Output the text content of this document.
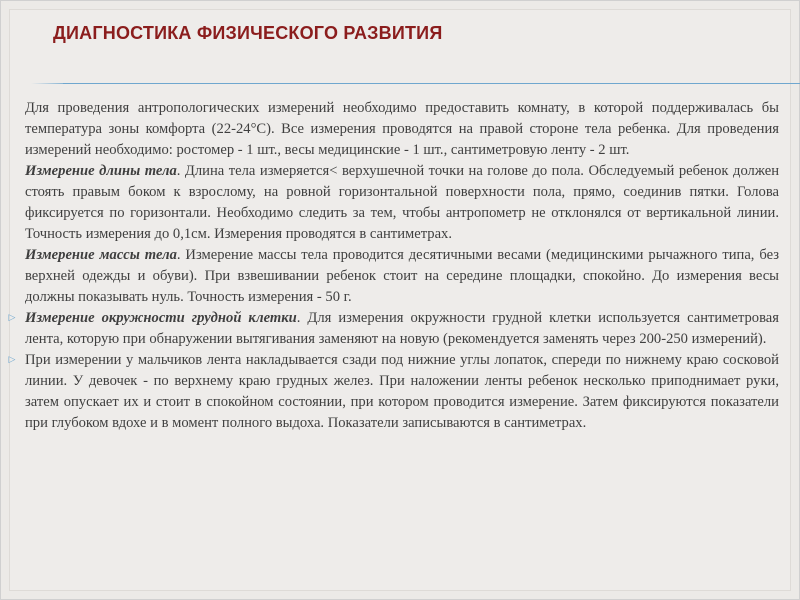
ДИАГНОСТИКА ФИЗИЧЕСКОГО РАЗВИТИЯ

Для проведения антропологических измерений необходимо предоставить комнату, в которой поддерживалась бы температура зоны комфорта (22-24°С). Все измерения проводятся на правой стороне тела ребенка. Для проведения измерений необходимо: ростомер - 1 шт., весы медицинские - 1 шт., сантиметровую ленту - 2 шт.

Измерение длины тела. Длина тела измеряется< верхушечной точки на голове до пола. Обследуемый ребенок должен стоять правым боком к взрослому, на ровной горизонтальной поверхности пола, прямо, соединив пятки. Голова фиксируется по горизонтали. Необходимо следить за тем, чтобы антропометр не отклонялся от вертикальной линии. Точность измерения до 0,1см. Измерения проводятся в сантиметрах.

Измерение массы тела. Измерение массы тела проводится десятичными весами (медицинскими рычажного типа, без верхней одежды и обуви). При взвешивании ребенок стоит на середине площадки, спокойно. До измерения весы должны показывать нуль. Точность измерения - 50 г.

▷ Измерение окружности грудной клетки. Для измерения окружности грудной клетки используется сантиметровая лента, которую при обнаружении вытягивания заменяют на новую (рекомендуется заменять через 200-250 измерений).

▷ При измерении у мальчиков лента накладывается сзади под нижние углы лопаток, спереди по нижнему краю сосковой линии. У девочек - по верхнему краю грудных желез. При наложении ленты ребенок несколько приподнимает руки, затем опускает их и стоит в спокойном состоянии, при котором проводится измерение. Затем фиксируются показатели при глубоком вдохе и в момент полного выдоха. Показатели записываются в сантиметрах.
